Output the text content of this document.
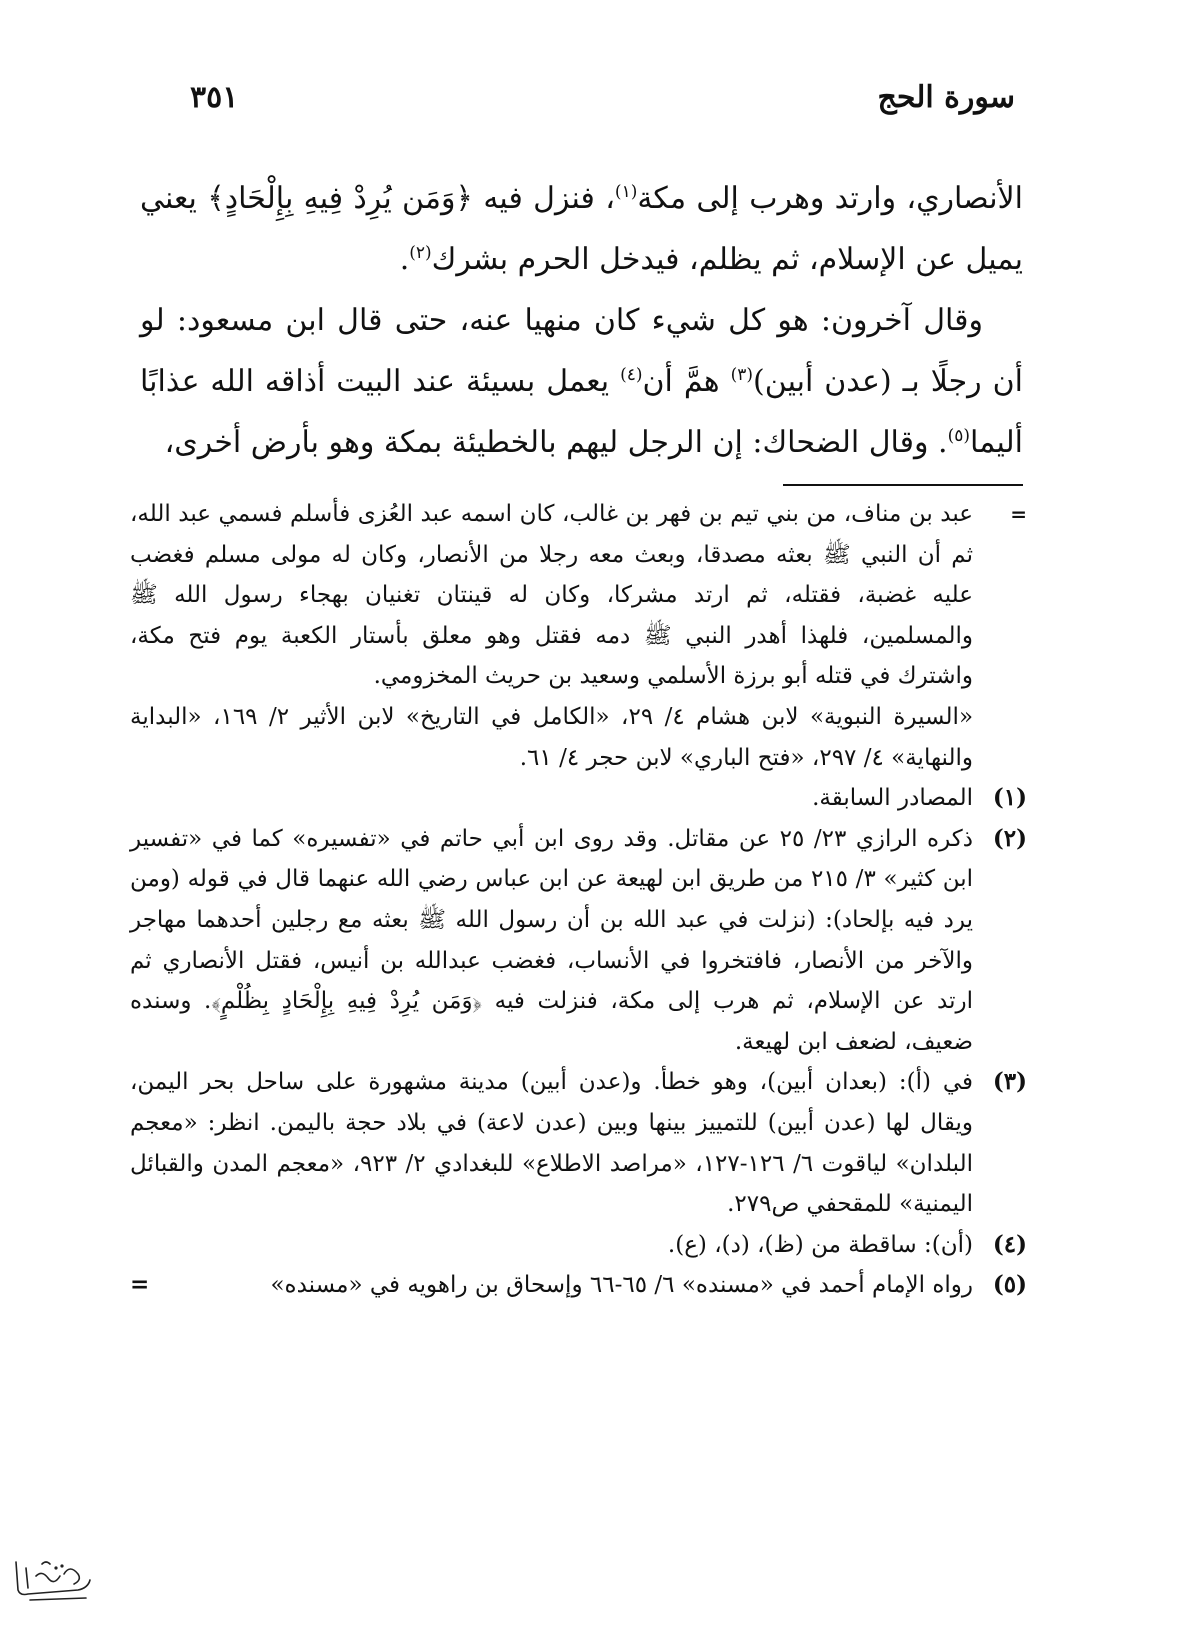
سورة الحج
٣٥١

الأنصاري، وارتد وهرب إلى مكة$^{(١)}$، فنزل فيه ﴿وَمَن يُرِدْ فِيهِ بِإِلْحَادٍ﴾ يعني يميل عن الإسلام، ثم يظلم، فيدخل الحرم بشرك$^{(٢)}$.

وقال آخرون: هو كل شيء كان منهيا عنه، حتى قال ابن مسعود: لو أن رجلًا بـ (عدن أبين)$^{(٣)}$ همَّ أن$^{(٤)}$ يعمل بسيئة عند البيت أذاقه الله عذابًا أليما$^{(٥)}$. وقال الضحاك: إن الرجل ليهم بالخطيئة بمكة وهو بأرض أخرى،

=
عبد بن مناف، من بني تيم بن فهر بن غالب، كان اسمه عبد العُزى فأسلم فسمي عبد الله، ثم أن النبي ﷺ بعثه مصدقا، وبعث معه رجلا من الأنصار، وكان له مولى مسلم فغضب عليه غضبة، فقتله، ثم ارتد مشركا، وكان له قينتان تغنيان بهجاء رسول الله ﷺ والمسلمين، فلهذا أهدر النبي ﷺ دمه فقتل وهو معلق بأستار الكعبة يوم فتح مكة، واشترك في قتله أبو برزة الأسلمي وسعيد بن حريث المخزومي.
«السيرة النبوية» لابن هشام ٤/ ٢٩، «الكامل في التاريخ» لابن الأثير ٢/ ١٦٩، «البداية والنهاية» ٤/ ٢٩٧، «فتح الباري» لابن حجر ٤/ ٦١.
(١)
المصادر السابقة.
(٢)
ذكره الرازي ٢٣/ ٢٥ عن مقاتل. وقد روى ابن أبي حاتم في «تفسيره» كما في «تفسير ابن كثير» ٣/ ٢١٥ من طريق ابن لهيعة عن ابن عباس رضي الله عنهما قال في قوله (ومن يرد فيه بإلحاد): (نزلت في عبد الله بن أن رسول الله ﷺ بعثه مع رجلين أحدهما مهاجر والآخر من الأنصار، فافتخروا في الأنساب، فغضب عبدالله بن أنيس، فقتل الأنصاري ثم ارتد عن الإسلام، ثم هرب إلى مكة، فنزلت فيه ﴿وَمَن يُرِدْ فِيهِ بِإِلْحَادٍ بِظُلْمٍ﴾. وسنده ضعيف، لضعف ابن لهيعة.
(٣)
في (أ): (بعدان أبين)، وهو خطأ. و(عدن أبين) مدينة مشهورة على ساحل بحر اليمن، ويقال لها (عدن أبين) للتمييز بينها وبين (عدن لاعة) في بلاد حجة باليمن. انظر: «معجم البلدان» لياقوت ٦/ ١٢٦-١٢٧، «مراصد الاطلاع» للبغدادي ٢/ ٩٢٣، «معجم المدن والقبائل اليمنية» للمقحفي ص٢٧٩.
(٤)
(أن): ساقطة من (ظ)، (د)، (ع).
(٥)
رواه الإمام أحمد في «مسنده» ٦/ ٦٥-٦٦ وإسحاق بن راهويه في «مسنده»
=
